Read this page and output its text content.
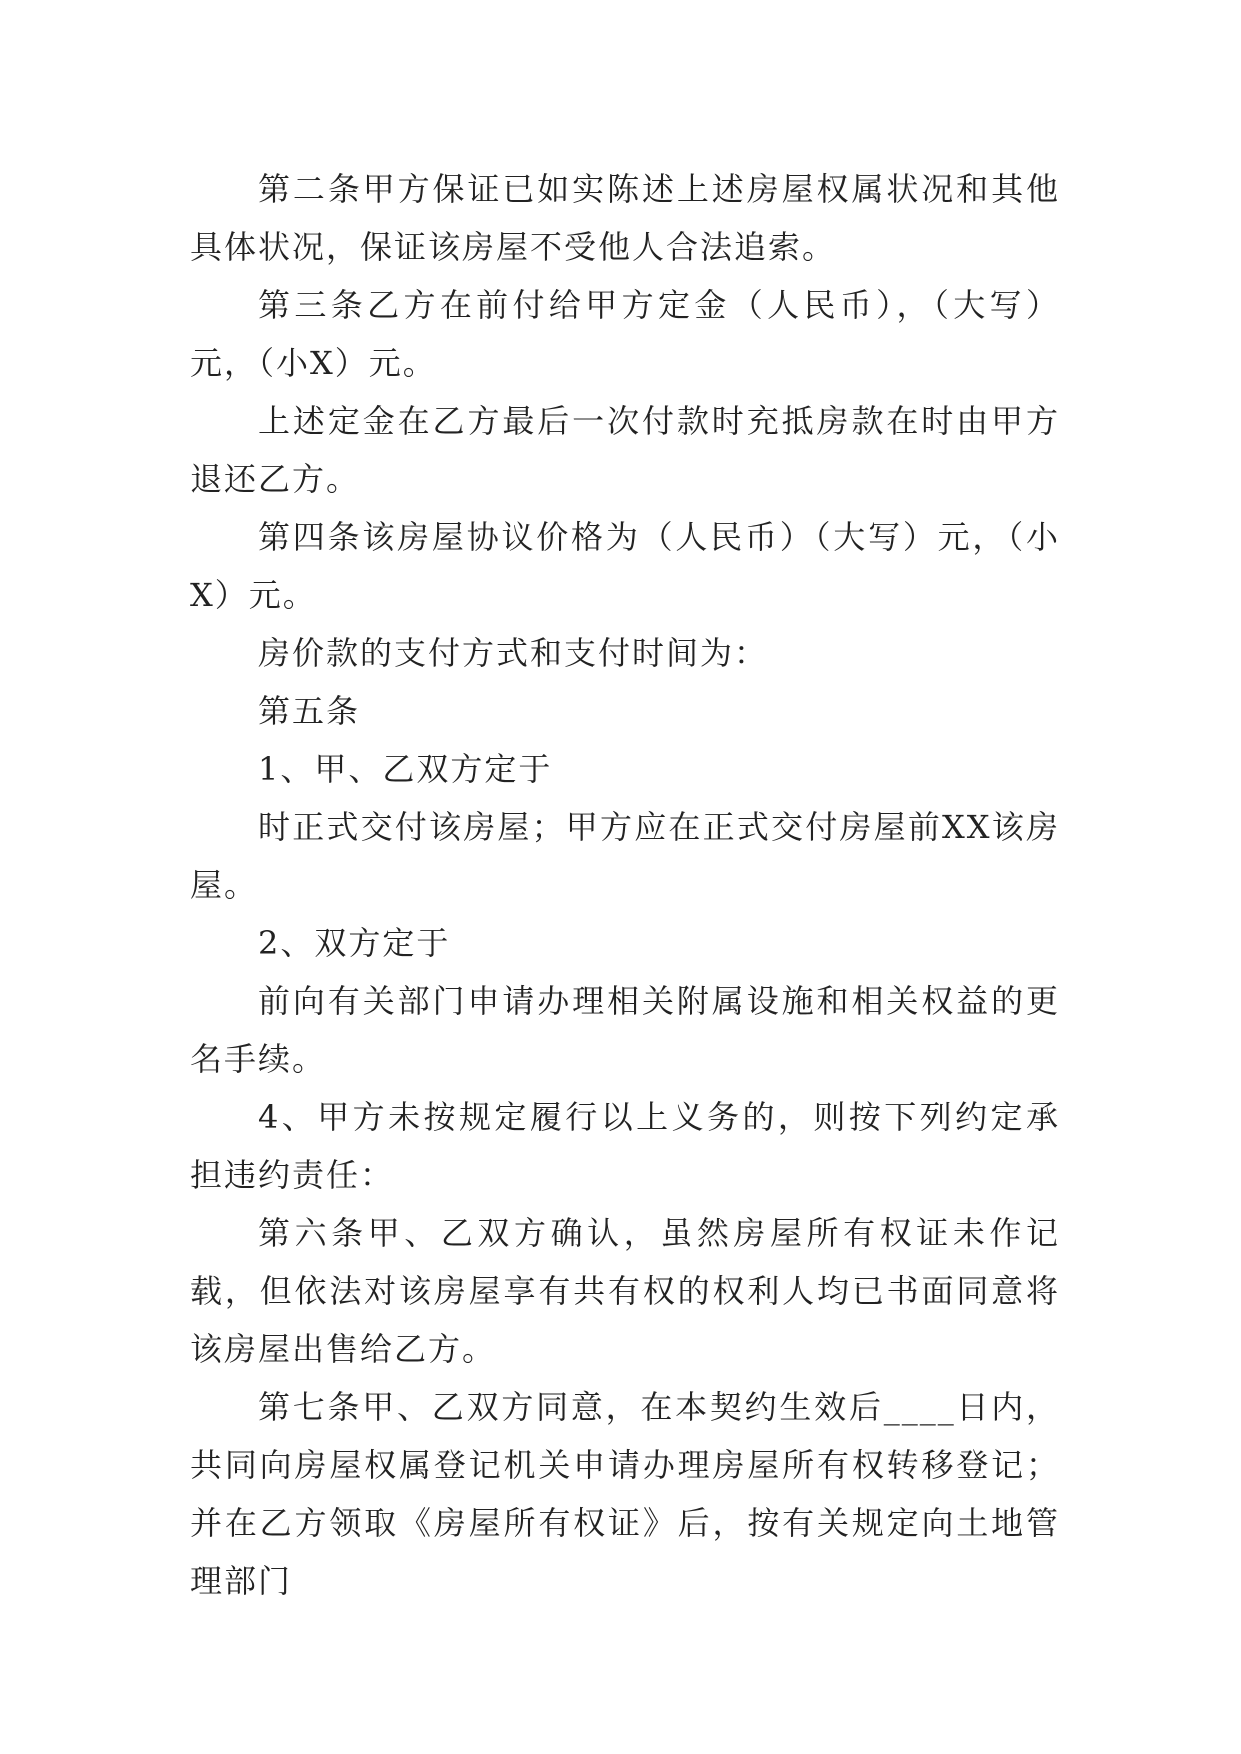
第二条甲方保证已如实陈述上述房屋权属状况和其他具体状况，保证该房屋不受他人合法追索。

第三条乙方在前付给甲方定金（人民币），（大写）元，（小X）元。

上述定金在乙方最后一次付款时充抵房款在时由甲方退还乙方。

第四条该房屋协议价格为（人民币）（大写）元，（小X）元。

房价款的支付方式和支付时间为：

第五条

1、甲、乙双方定于

时正式交付该房屋；甲方应在正式交付房屋前XX该房屋。

2、双方定于

前向有关部门申请办理相关附属设施和相关权益的更名手续。

4、甲方未按规定履行以上义务的，则按下列约定承担违约责任：

第六条甲、乙双方确认，虽然房屋所有权证未作记载，但依法对该房屋享有共有权的权利人均已书面同意将该房屋出售给乙方。

第七条甲、乙双方同意，在本契约生效后____日内，共同向房屋权属登记机关申请办理房屋所有权转移登记；并在乙方领取《房屋所有权证》后，按有关规定向土地管理部门
